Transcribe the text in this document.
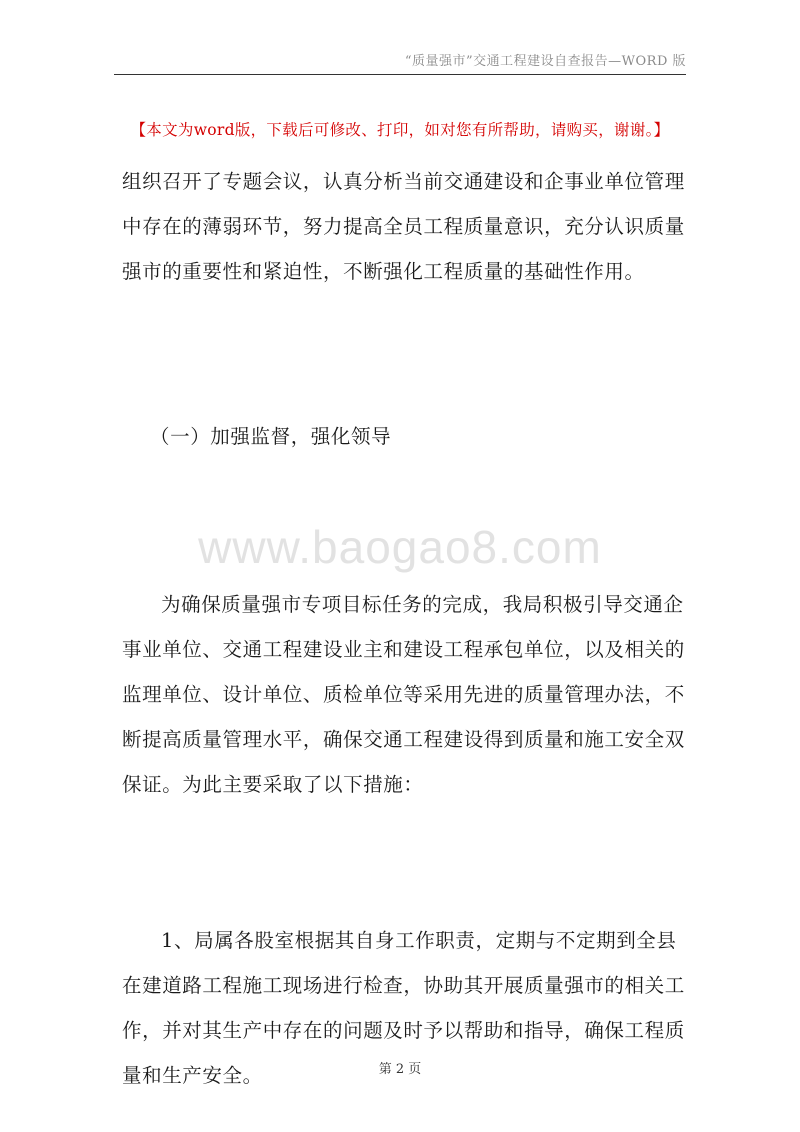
“质量强市”交通工程建设自查报告—WORD 版
【本文为word版，下载后可修改、打印，如对您有所帮助，请购买，谢谢。】

组织召开了专题会议，认真分析当前交通建设和企事业单位管理中存在的薄弱环节，努力提高全员工程质量意识，充分认识质量强市的重要性和紧迫性，不断强化工程质量的基础性作用。

（一）加强监督，强化领导

www.baogao8.com

为确保质量强市专项目标任务的完成，我局积极引导交通企事业单位、交通工程建设业主和建设工程承包单位，以及相关的监理单位、设计单位、质检单位等采用先进的质量管理办法，不断提高质量管理水平，确保交通工程建设得到质量和施工安全双保证。为此主要采取了以下措施：

1、局属各股室根据其自身工作职责，定期与不定期到全县在建道路工程施工现场进行检查，协助其开展质量强市的相关工作，并对其生产中存在的问题及时予以帮助和指导，确保工程质量和生产安全。	第 2 页
